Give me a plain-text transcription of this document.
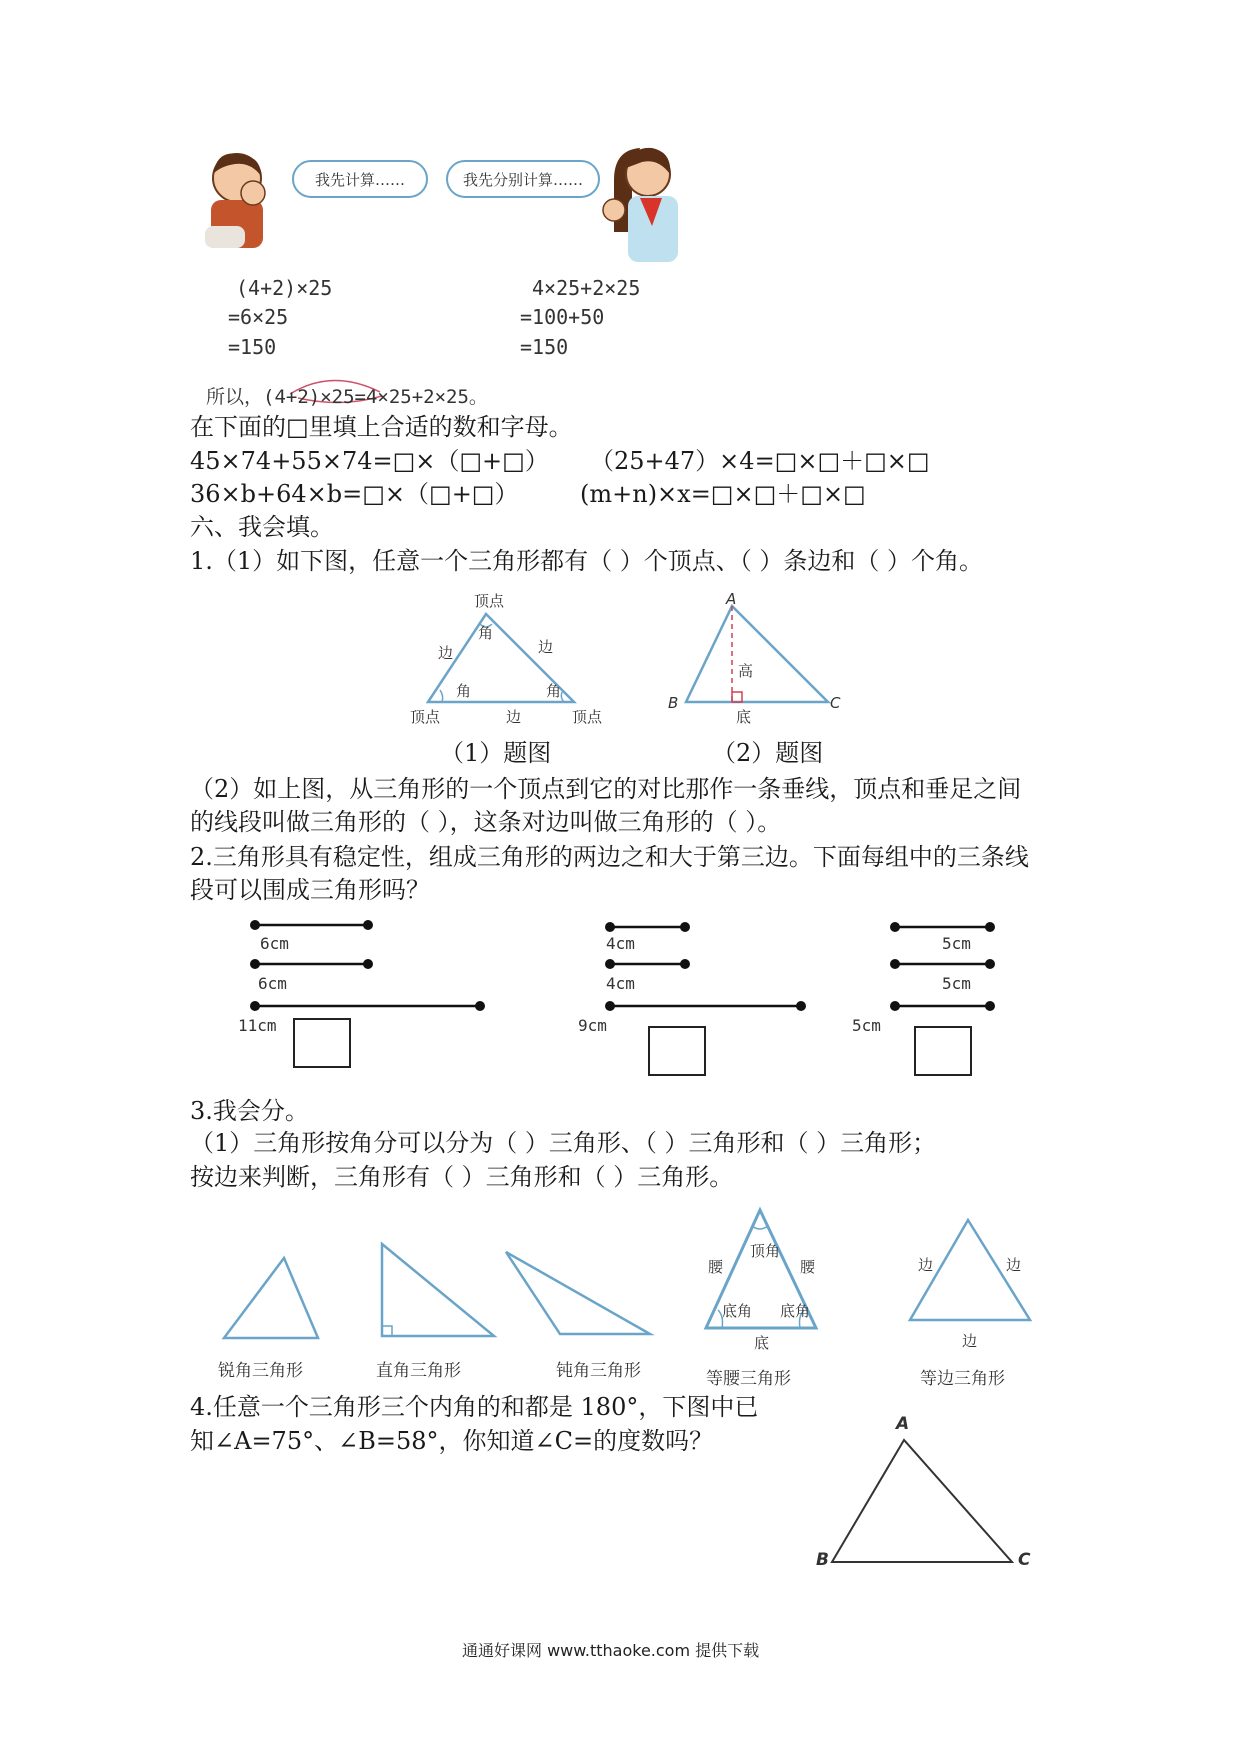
我先计算……	我先分别计算……
(4+2)×25
=6×25
=150
4×25+2×25
=100+50
=150
所以，(4+2)×25=4×25+2×25。
在下面的□里填上合适的数和字母。
45×74+55×74=□×（□+□） （25+47）×4=□×□＋□×□
36×b+64×b=□×（□+□）	(m+n)×x=□×□＋□×□
六、我会填。
1.（1）如下图，任意一个三角形都有（ ）个顶点、（ ）条边和（ ）个角。
顶点
角
边	边
角	角
顶点	边	顶点
（1）题图
A
高
B	C
底
（2）题图
（2）如上图，从三角形的一个顶点到它的对比那作一条垂线，顶点和垂足之间
的线段叫做三角形的（ ），这条对边叫做三角形的（ ）。
2.三角形具有稳定性，组成三角形的两边之和大于第三边。下面每组中的三条线
段可以围成三角形吗？
6cm
6cm
11cm
4cm
4cm
9cm
5cm
5cm
5cm
3.我会分。
（1）三角形按角分可以分为（ ）三角形、（ ）三角形和（ ）三角形；
按边来判断，三角形有（ ）三角形和（ ）三角形。
锐角三角形	直角三角形	钝角三角形
腰
顶角
腰
底角 底角
底
等腰三角形
边	边
边
等边三角形
4.任意一个三角形三个内角的和都是 180°，下图中已
知∠A=75°、∠B=58°，你知道∠C=的度数吗？
A
B	C
通通好课网 www.tthaoke.com 提供下载
